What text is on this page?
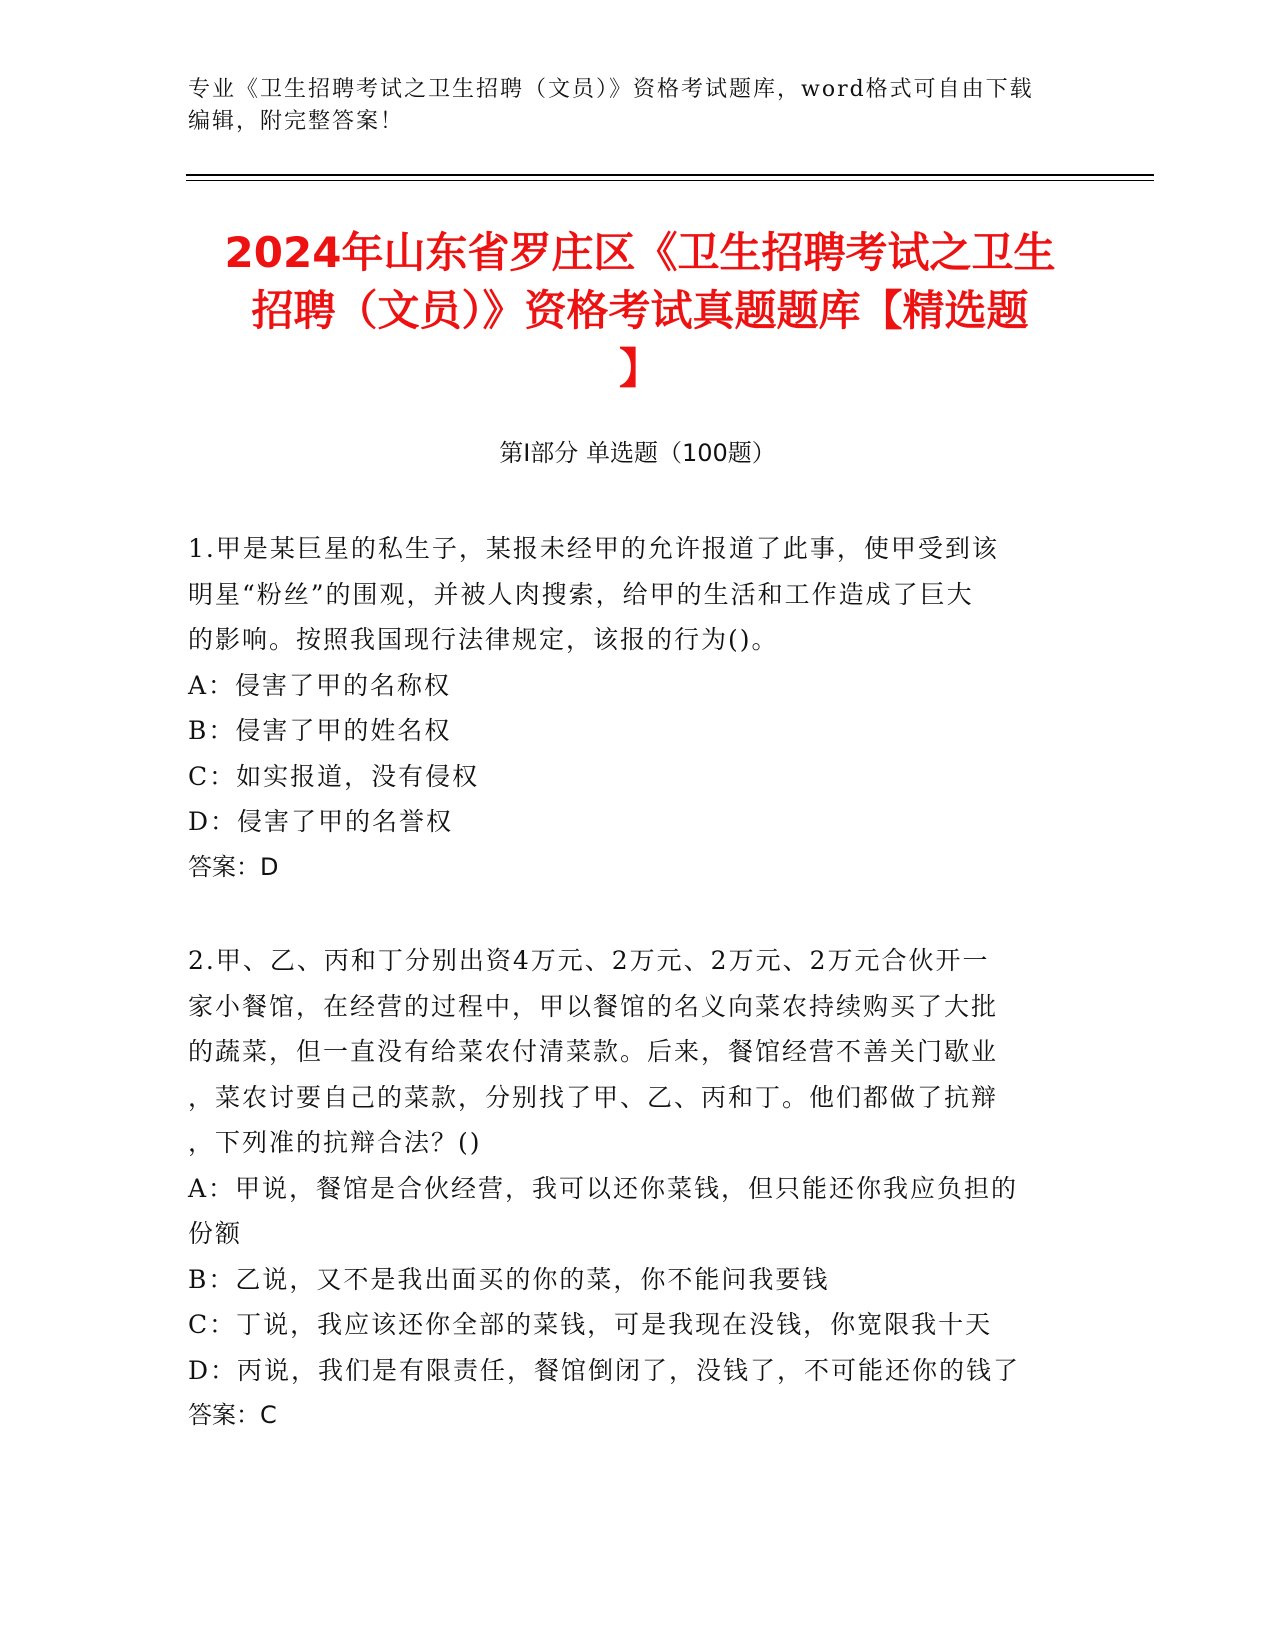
专业《卫生招聘考试之卫生招聘（文员）》资格考试题库，word格式可自由下载
编辑，附完整答案！
2024年山东省罗庄区《卫生招聘考试之卫生
招聘（文员）》资格考试真题题库【精选题
】
第I部分 单选题（100题）
1.甲是某巨星的私生子，某报未经甲的允许报道了此事，使甲受到该
明星“粉丝”的围观，并被人肉搜索，给甲的生活和工作造成了巨大
的影响。按照我国现行法律规定，该报的行为()。
A：侵害了甲的名称权
B：侵害了甲的姓名权
C：如实报道，没有侵权
D：侵害了甲的名誉权
答案：D
2.甲、乙、丙和丁分别出资4万元、2万元、2万元、2万元合伙开一
家小餐馆，在经营的过程中，甲以餐馆的名义向菜农持续购买了大批
的蔬菜，但一直没有给菜农付清菜款。后来，餐馆经营不善关门歇业
，菜农讨要自己的菜款，分别找了甲、乙、丙和丁。他们都做了抗辩
，下列准的抗辩合法？()
A：甲说，餐馆是合伙经营，我可以还你菜钱，但只能还你我应负担的
份额
B：乙说，又不是我出面买的你的菜，你不能问我要钱
C：丁说，我应该还你全部的菜钱，可是我现在没钱，你宽限我十天
D：丙说，我们是有限责任，餐馆倒闭了，没钱了，不可能还你的钱了
答案：C
